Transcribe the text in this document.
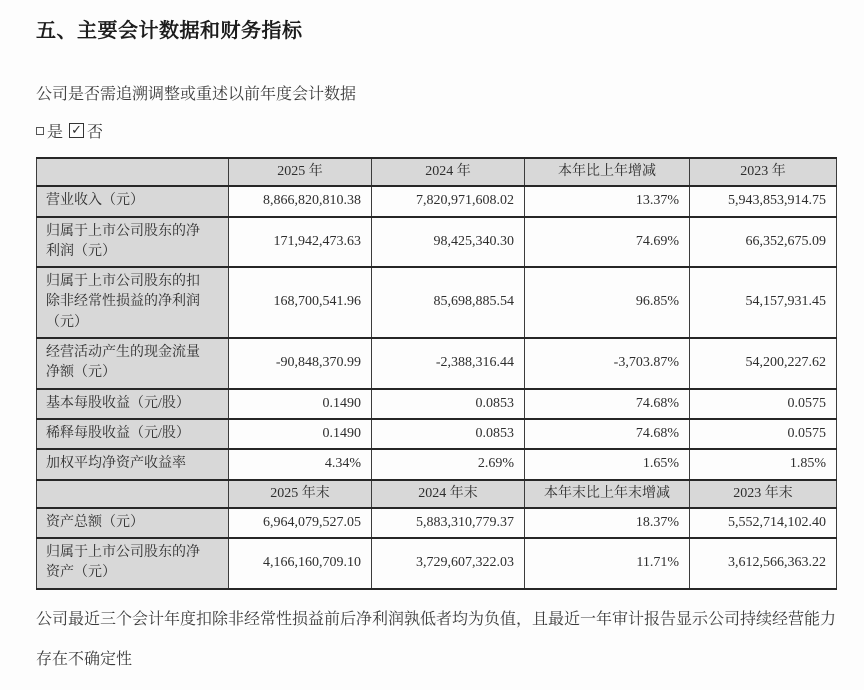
五、主要会计数据和财务指标

公司是否需追溯调整或重述以前年度会计数据

是 ✓ 否
	2025 年	2024 年	本年比上年增减	2023 年
营业收入（元）	8,866,820,810.38	7,820,971,608.02	13.37%	5,943,853,914.75
归属于上市公司股东的净利润（元）	171,942,473.63	98,425,340.30	74.69%	66,352,675.09
归属于上市公司股东的扣除非经常性损益的净利润（元）	168,700,541.96	85,698,885.54	96.85%	54,157,931.45
经营活动产生的现金流量净额（元）	-90,848,370.99	-2,388,316.44	-3,703.87%	54,200,227.62
基本每股收益（元/股）	0.1490	0.0853	74.68%	0.0575
稀释每股收益（元/股）	0.1490	0.0853	74.68%	0.0575
加权平均净资产收益率	4.34%	2.69%	1.65%	1.85%
	2025 年末	2024 年末	本年末比上年末增减	2023 年末
资产总额（元）	6,964,079,527.05	5,883,310,779.37	18.37%	5,552,714,102.40
归属于上市公司股东的净资产（元）	4,166,160,709.10	3,729,607,322.03	11.71%	3,612,566,363.22

公司最近三个会计年度扣除非经常性损益前后净利润孰低者均为负值，且最近一年审计报告显示公司持续经营能力存在不确定性
